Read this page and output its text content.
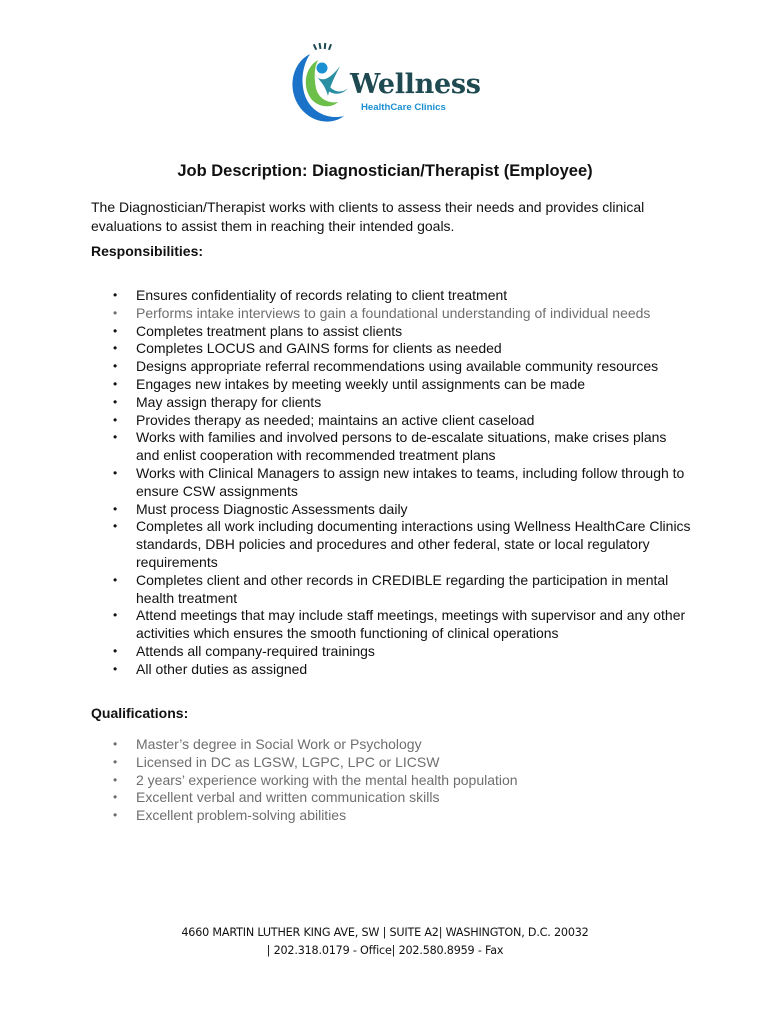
Wellness
HealthCare Clinics
Job Description: Diagnostician/Therapist (Employee)

The Diagnostician/Therapist works with clients to assess their needs and provides clinical evaluations to assist them in reaching their intended goals.

Responsibilities:
• Ensures confidentiality of records relating to client treatment
• Performs intake interviews to gain a foundational understanding of individual needs
• Completes treatment plans to assist clients
• Completes LOCUS and GAINS forms for clients as needed
• Designs appropriate referral recommendations using available community resources
• Engages new intakes by meeting weekly until assignments can be made
• May assign therapy for clients
• Provides therapy as needed; maintains an active client caseload
• Works with families and involved persons to de-escalate situations, make crises plans and enlist cooperation with recommended treatment plans
• Works with Clinical Managers to assign new intakes to teams, including follow through to ensure CSW assignments
• Must process Diagnostic Assessments daily
• Completes all work including documenting interactions using Wellness HealthCare Clinics standards, DBH policies and procedures and other federal, state or local regulatory requirements
• Completes client and other records in CREDIBLE regarding the participation in mental health treatment
• Attend meetings that may include staff meetings, meetings with supervisor and any other activities which ensures the smooth functioning of clinical operations
• Attends all company-required trainings
• All other duties as assigned
Qualifications:
• Master’s degree in Social Work or Psychology
• Licensed in DC as LGSW, LGPC, LPC or LICSW
• 2 years’ experience working with the mental health population
• Excellent verbal and written communication skills
• Excellent problem-solving abilities
4660 MARTIN LUTHER KING AVE, SW | SUITE A2| WASHINGTON, D.C. 20032
| 202.318.0179 - Office| 202.580.8959 - Fax
